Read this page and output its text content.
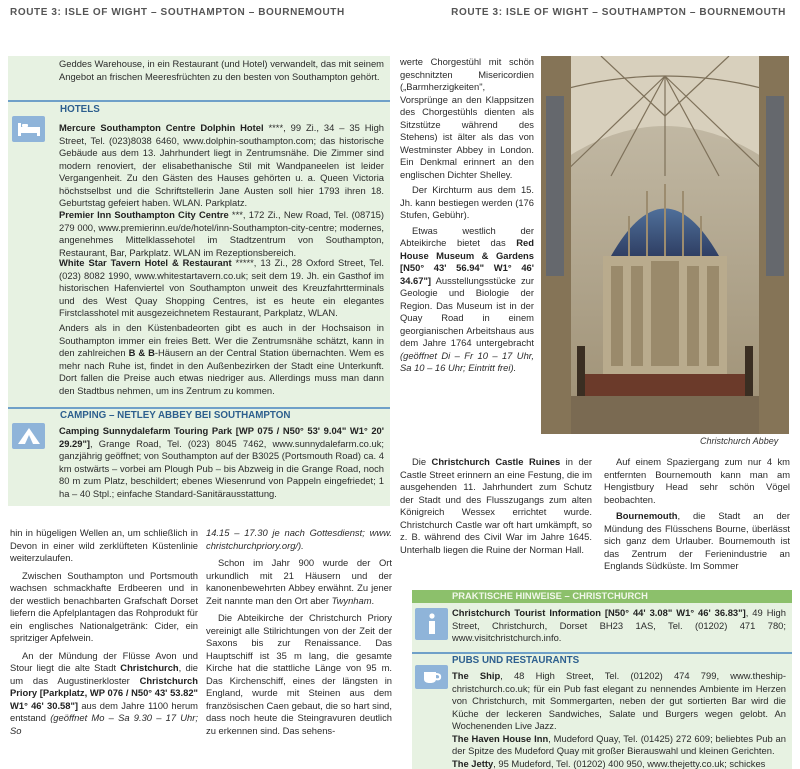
ROUTE 3: ISLE OF WIGHT – SOUTHAMPTON – BOURNEMOUTH	ROUTE 3: ISLE OF WIGHT – SOUTHAMPTON – BOURNEMOUTH
Geddes Warehouse, in ein Restaurant (und Hotel) verwandelt, das mit seinem Angebot an frischen Meeresfrüchten zu den besten von Southampton gehört.
HOTELS
Mercure Southampton Centre Dolphin Hotel ****, 99 Zi., 34 – 35 High Street, Tel. (023)8038 6460, www.dolphin-southampton.com; das historische Gebäude aus dem 13. Jahrhundert liegt in Zentrumsnähe. Die Zimmer sind modern renoviert, der elisabethanische Stil mit Wandpaneelen ist leider Vergangenheit. Zu den Gästen des Hauses gehörten u. a. Queen Victoria höchstselbst und die Schriftstellerin Jane Austen soll hier 1793 ihren 18. Geburtstag gefeiert haben. WLAN. Parkplatz.
Premier Inn Southampton City Centre ***, 172 Zi., New Road, Tel. (08715) 279 000, www.premierinn.eu/de/hotel/inn-Southampton-city-centre; modernes, angenehmes Mittelklassehotel im Stadtzentrum von Southampton, Restaurant, Bar, Parkplatz. WLAN im Rezeptionsbereich.
White Star Tavern Hotel & Restaurant *****, 13 Zi., 28 Oxford Street, Tel. (023) 8082 1990, www.whitestartavern.co.uk; seit dem 19. Jh. ein Gasthof im historischen Hafenviertel von Southampton unweit des Kreuzfahrtterminals und des West Quay Shopping Centres, ist es heute ein elegantes Firstclasshotel mit ausgezeichnetem Restaurant, Parkplatz, WLAN.
Anders als in den Küstenbadeorten gibt es auch in der Hochsaison in Southampton immer ein freies Bett. Wer die Zentrumsnähe schätzt, kann in den zahlreichen B & B-Häusern an der Central Station übernachten. Wem es mehr nach Ruhe ist, findet in den Außenbezirken der Stadt eine Unterkunft. Dort fallen die Preise auch etwas niedriger aus. Allerdings muss man dann den Stadtbus nehmen, um ins Zentrum zu kommen.
CAMPING – NETLEY ABBEY BEI SOUTHAMPTON
Camping Sunnydalefarm Touring Park [WP 075 / N50° 53' 9.04" W1° 20' 29.29"], Grange Road, Tel. (023) 8045 7462, www.sunnydalefarm.co.uk; ganzjährig geöffnet; von Southampton auf der B3025 (Portsmouth Road) ca. 4 km ostwärts – vorbei am Plough Pub – bis Abzweig in die Grange Road, noch 80 m zum Platz, beschildert; ebenes Wiesenrund von Pappeln eingefriedet; 1 ha – 40 Stpl.; einfache Standard-Sanitärausstattung.
hin in hügeligen Wellen an, um schließlich in Devon in einer wild zerklüfteten Küstenlinie weiterzulaufen.
Zwischen Southampton und Portsmouth wachsen schmackhafte Erdbeeren und in der westlich benachbarten Grafschaft Dorset liefern die Apfelplantagen das Rohprodukt für ein englisches Nationalgetränk: Cider, ein spritziger Apfelwein.
An der Mündung der Flüsse Avon und Stour liegt die alte Stadt Christchurch, die um das Augustinerkloster Christchurch Priory [Parkplatz, WP 076 / N50° 43' 53.82" W1° 46' 30.58"] aus dem Jahre 1100 herum entstand (geöffnet Mo – Sa 9.30 – 17 Uhr; So
14.15 – 17.30 je nach Gottesdienst; www. christchurchpriory.org/).
Schon im Jahr 900 wurde der Ort urkundlich mit 21 Häusern und der kanonenbewehrten Abbey erwähnt. Zu jener Zeit nannte man den Ort aber Twynham.
Die Abteikirche der Christchurch Priory vereinigt alle Stilrichtungen von der Zeit der Saxons bis zur Renaissance. Das Hauptschiff ist 35 m lang, die gesamte Kirche hat die stattliche Länge von 95 m. Das Kirchenschiff, eines der längsten in England, wurde mit Steinen aus dem französischen Caen gebaut, die so hart sind, dass noch heute die Steingravuren deutlich zu erkennen sind. Das sehens-
werte Chorgestühl mit schön geschnitzten Misericordien („Barmherzigkeiten", Vorsprünge an den Klappsitzen des Chorgestühls dienten als Sitzstütze während des Stehens) ist älter als das von Westminster Abbey in London. Ein Denkmal erinnert an den englischen Dichter Shelley.
Der Kirchturm aus dem 15. Jh. kann bestiegen werden (176 Stufen, Gebühr).
Etwas westlich der Abteikirche bietet das Red House Museum & Gardens [N50° 43' 56.94" W1° 46' 34.67"] Ausstellungsstücke zur Geologie und Biologie der Region. Das Museum ist in der Quay Road in einem georgianischen Arbeitshaus aus dem Jahre 1764 untergebracht (geöffnet Di – Fr 10 – 17 Uhr, Sa 10 – 16 Uhr; Eintritt frei).
Christchurch Abbey
Die Christchurch Castle Ruines in der Castle Street erinnern an eine Festung, die im ausgehenden 11. Jahrhundert zum Schutz der Stadt und des Flusszugangs zum alten Königreich Wessex errichtet wurde. Christchurch Castle war oft hart umkämpft, so z. B. während des Civil War im Jahre 1645. Unterhalb liegen die Ruine der Norman Hall.
Auf einem Spaziergang zum nur 4 km entfernten Bournemouth kann man am Hengistbury Head sehr schön Vögel beobachten.
Bournemouth, die Stadt an der Mündung des Flüsschens Bourne, überlässt sich ganz dem Urlauber. Bournemouth ist das Zentrum der Ferienindustrie an Englands Südküste. Im Sommer
PRAKTISCHE HINWEISE – CHRISTCHURCH
Christchurch Tourist Information [N50° 44' 3.08" W1° 46' 36.83"], 49 High Street, Christchurch, Dorset BH23 1AS, Tel. (01202) 471 780; www.visitchristchurch.info.
PUBS UND RESTAURANTS
The Ship, 48 High Street, Tel. (01202) 474 799, www.theship-christchurch.co.uk; für ein Pub fast elegant zu nennendes Ambiente im Herzen von Christchurch, mit Sommergarten, neben der gut sortierten Bar wird die Küche der leckeren Sandwiches, Salate und Burgers wegen gelobt. An Wochenenden Live Jazz.
The Haven House Inn, Mudeford Quay, Tel. (01425) 272 609; beliebtes Pub an der Spitze des Mudeford Quay mit großer Bierauswahl und kleinen Gerichten.
The Jetty, 95 Mudeford, Tel. (01202) 400 950, www.thejetty.co.uk; schickes
